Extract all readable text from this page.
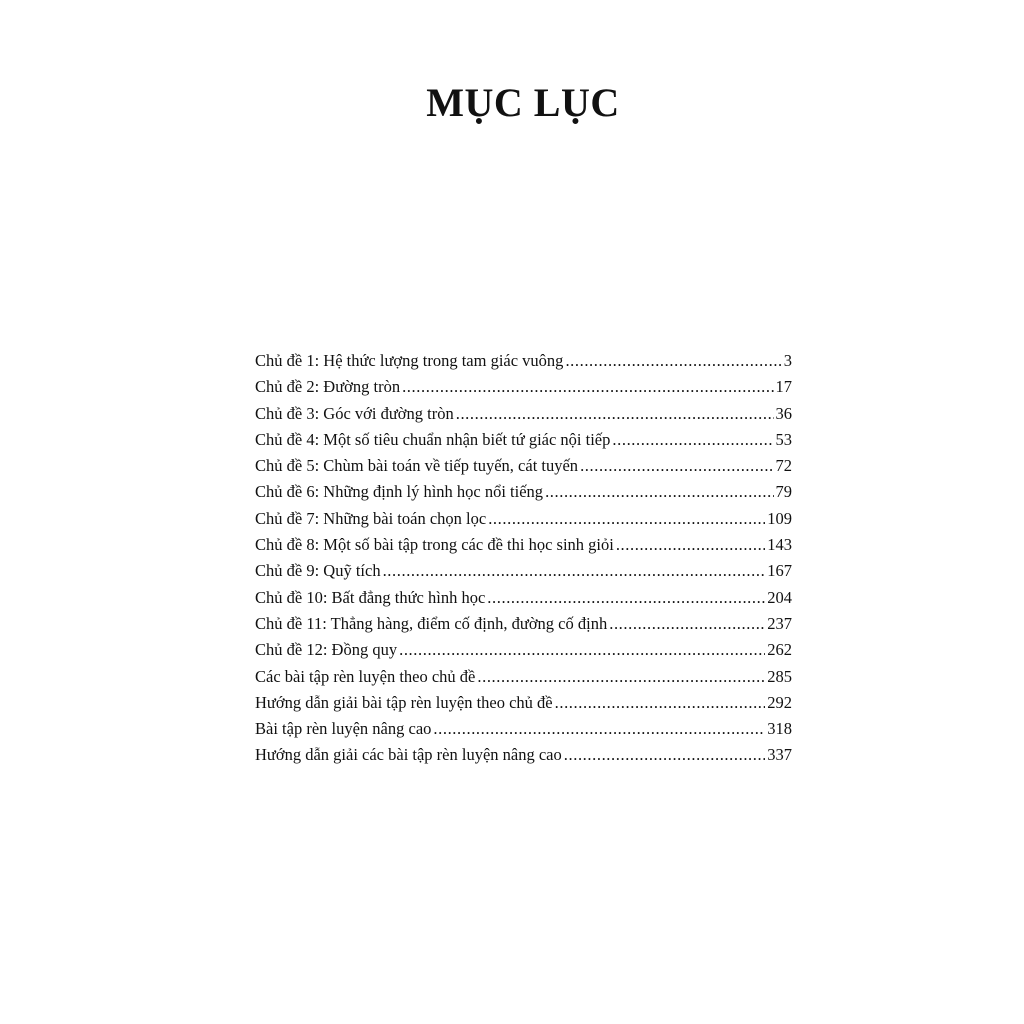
MỤC LỤC
Chủ đề 1: Hệ thức lượng trong tam giác vuông .....	3
Chủ đề 2: Đường tròn .....	17
Chủ đề 3: Góc với đường tròn .....	36
Chủ đề 4: Một số tiêu chuẩn nhận biết tứ giác nội tiếp .....	53
Chủ đề 5: Chùm bài toán về tiếp tuyến, cát tuyến .....	72
Chủ đề 6: Những định lý hình học nổi tiếng .....	79
Chủ đề 7: Những bài toán chọn lọc .....	109
Chủ đề 8: Một số bài tập trong các đề thi học sinh giỏi .....	143
Chủ đề 9: Quỹ tích .....	167
Chủ đề 10: Bất đẳng thức hình học .....	204
Chủ đề 11: Thẳng hàng, điểm cố định, đường cố định .....	237
Chủ đề 12: Đồng quy .....	262
Các bài tập rèn luyện theo chủ đề .....	285
Hướng dẫn giải bài tập rèn luyện theo chủ đề .....	292
Bài tập rèn luyện nâng cao .....	318
Hướng dẫn giải các bài tập rèn luyện nâng cao .....	337
